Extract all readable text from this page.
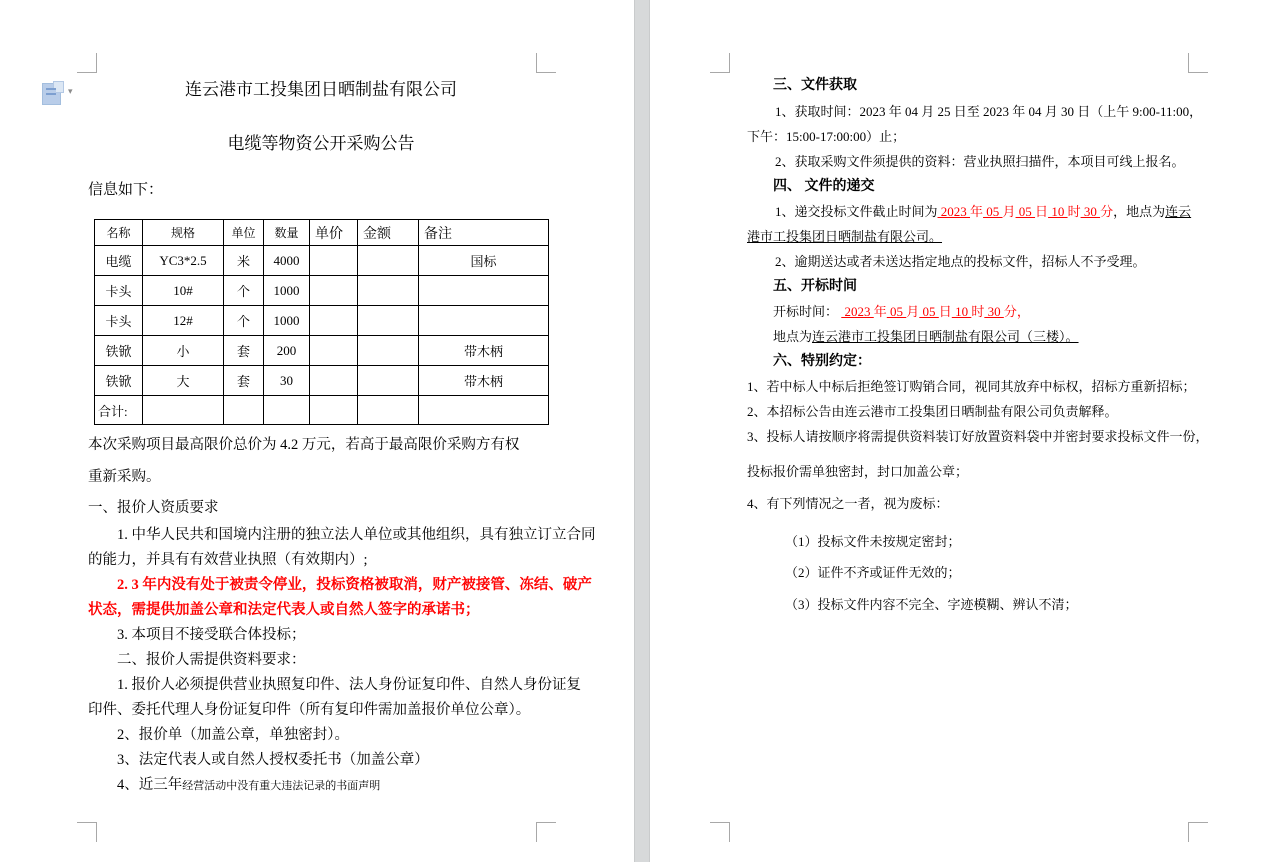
▾	连云港市工投集团日晒制盐有限公司
电缆等物资公开采购公告

信息如下：

名称	规格	单位	数量	单价	金额	备注
电缆	YC3*2.5	米	4000			国标
卡头	10#	个	1000			
卡头	12#	个	1000			
铁锨	小	套	200			带木柄
铁锨	大	套	30			带木柄
合计:						

本次采购项目最高限价总价为 4.2 万元，若高于最高限价采购方有权

重新采购。

一、报价人资质要求

1. 中华人民共和国境内注册的独立法人单位或其他组织，具有独立订立合同

的能力，并具有有效营业执照（有效期内）;

2. 3 年内没有处于被责令停业，投标资格被取消，财产被接管、冻结、破产

状态，需提供加盖公章和法定代表人或自然人签字的承诺书；

3. 本项目不接受联合体投标；

二、报价人需提供资料要求：

1. 报价人必须提供营业执照复印件、法人身份证复印件、自然人身份证复

印件、委托代理人身份证复印件（所有复印件需加盖报价单位公章）。

2、报价单（加盖公章，单独密封）。

3、法定代表人或自然人授权委托书（加盖公章）

4、近三年经营活动中没有重大违法记录的书面声明

三、文件获取

1、获取时间：2023 年 04 月 25 日至 2023 年 04 月 30 日（上午 9:00-11:00，

下午：15:00-17:00:00）止；

2、获取采购文件须提供的资料：营业执照扫描件，本项目可线上报名。

四、 文件的递交

1、递交投标文件截止时间为 2023 年 05 月 05 日 10 时 30 分，地点为连云

港市工投集团日晒制盐有限公司。

2、逾期送达或者未送达指定地点的投标文件，招标人不予受理。

五、开标时间

开标时间：  2023 年 05 月 05 日 10 时 30 分，

地点为连云港市工投集团日晒制盐有限公司（三楼）。

六、特别约定：

1、若中标人中标后拒绝签订购销合同，视同其放弃中标权，招标方重新招标；

2、本招标公告由连云港市工投集团日晒制盐有限公司负责解释。

3、投标人请按顺序将需提供资料装订好放置资料袋中并密封要求投标文件一份，

投标报价需单独密封，封口加盖公章；

4、有下列情况之一者，视为废标：

（1）投标文件未按规定密封；

（2）证件不齐或证件无效的；

（3）投标文件内容不完全、字迹模糊、辨认不清；
